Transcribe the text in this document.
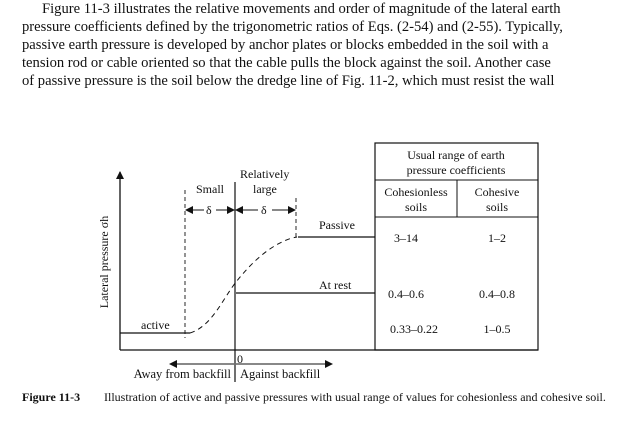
Figure 11-3 illustrates the relative movements and order of magnitude of the lateral earth
pressure coefficients defined by the trigonometric ratios of Eqs. (2-54) and (2-55). Typically,
passive earth pressure is developed by anchor plates or blocks embedded in the soil with a
tension rod or cable oriented so that the cable pulls the block against the soil. Another case
of passive pressure is the soil below the dredge line of Fig. 11-2, which must resist the wall
Lateral pressure σh
Small
δ
Relatively
large
δ
Passive
At rest
active
Usual range of earth
pressure coefficients
Cohesionless
soils
Cohesive
soils
3–14	1–2
0.4–0.6	0.4–0.8
0.33–0.22	1–0.5
0
Away from backfill Against backfill
Figure 11-3 Illustration of active and passive pressures with usual range of values for cohesionless and cohesive soil.
